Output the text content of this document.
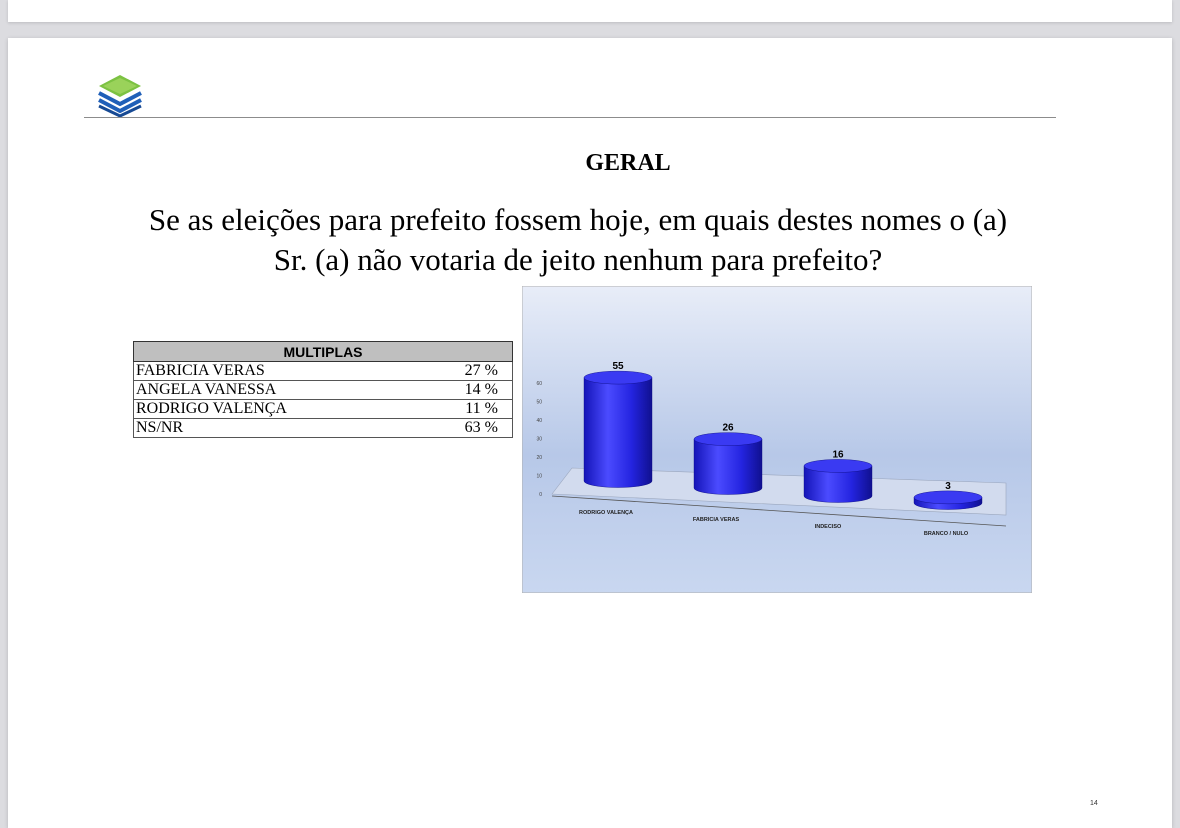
GERAL
Se as eleições para prefeito fossem hoje, em quais destes nomes o (a)
Sr. (a) não votaria de jeito nenhum para prefeito?
MULTIPLAS	
FABRICIA VERAS	27 %
ANGELA VANESSA	14 %
RODRIGO VALENÇA	11 %
NS/NR	63 %
0
10
20
30
40
50
60
55
26
16
3
RODRIGO VALENÇA
FABRICIA VERAS
INDECISO
BRANCO / NULO
14
